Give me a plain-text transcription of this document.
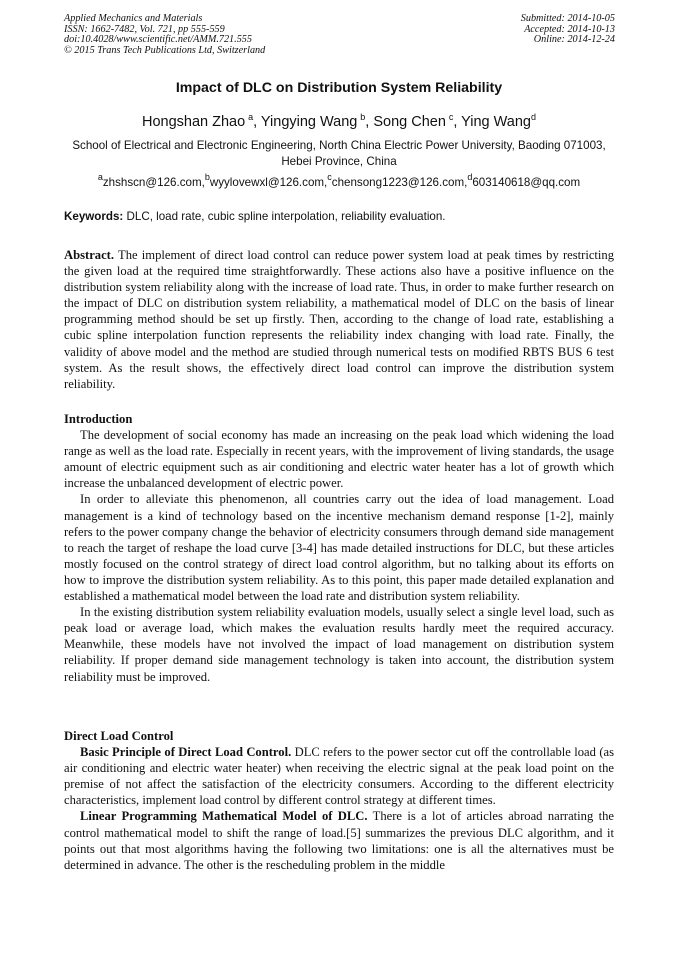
Applied Mechanics and Materials
ISSN: 1662-7482, Vol. 721, pp 555-559
doi:10.4028/www.scientific.net/AMM.721.555
© 2015 Trans Tech Publications Ltd, Switzerland
Submitted: 2014-10-05
Accepted: 2014-10-13
Online: 2014-12-24
Impact of DLC on Distribution System Reliability
Hongshan Zhao  $^a$, Yingying Wang  $^b$, Song Chen  $^c$, Ying Wang$^d$
School of Electrical and Electronic Engineering, North China Electric Power University, Baoding 071003, Hebei Province, China
$^a$zhshscn@126.com,$^b$wyylovewxl@126.com,$^c$chensong1223@126.com,$^d$603140618@qq.com
Keywords: DLC, load rate, cubic spline interpolation, reliability evaluation.

Abstract. The implement of direct load control can reduce power system load at peak times by restricting the given load at the required time straightforwardly. These actions also have a positive influence on the distribution system reliability along with the increase of load rate. Thus, in order to make further research on the impact of DLC on distribution system reliability, a mathematical model of DLC on the basis of linear programming method should be set up firstly. Then, according to the change of load rate, establishing a cubic spline interpolation function represents the reliability index changing with load rate. Finally, the validity of above model and the method are studied through numerical tests on modified RBTS BUS 6 test system. As the result shows, the effectively direct load control can improve the distribution system reliability.

Introduction

The development of social economy has made an increasing on the peak load which widening the load range as well as the load rate. Especially in recent years, with the improvement of living standards, the usage amount of electric equipment such as air conditioning and electric water heater has a lot of growth which increase the unbalanced development of electric power.

In order to alleviate this phenomenon, all countries carry out the idea of load management. Load management is a kind of technology based on the incentive mechanism demand response [1-2], mainly refers to the power company change the behavior of electricity consumers through demand side management to reach the target of reshape the load curve [3-4] has made detailed instructions for DLC, but these articles mostly focused on the control strategy of direct load control algorithm, but no talking about its efforts on how to improve the distribution system reliability. As to this point, this paper made detailed explanation and established a mathematical model between the load rate and distribution system reliability.

In the existing distribution system reliability evaluation models, usually select a single level load, such as peak load or average load, which makes the evaluation results hardly meet the required accuracy. Meanwhile, these models have not involved the impact of load management on distribution system reliability. If proper demand side management technology is taken into account, the distribution system reliability must be improved.

Direct Load Control

Basic Principle of Direct Load Control. DLC refers to the power sector cut off the controllable load (as air conditioning and electric water heater) when receiving the electric signal at the peak load point on the premise of not affect the satisfaction of the electricity consumers. According to the different electricity characteristics, implement load control by different control strategy at different times.

Linear Programming Mathematical Model of DLC. There is a lot of articles abroad narrating the control mathematical model to shift the range of load.[5] summarizes the previous DLC algorithm, and it points out that most algorithms having the following two limitations: one is all the alternatives must be determined in advance. The other is the rescheduling problem in the middle
